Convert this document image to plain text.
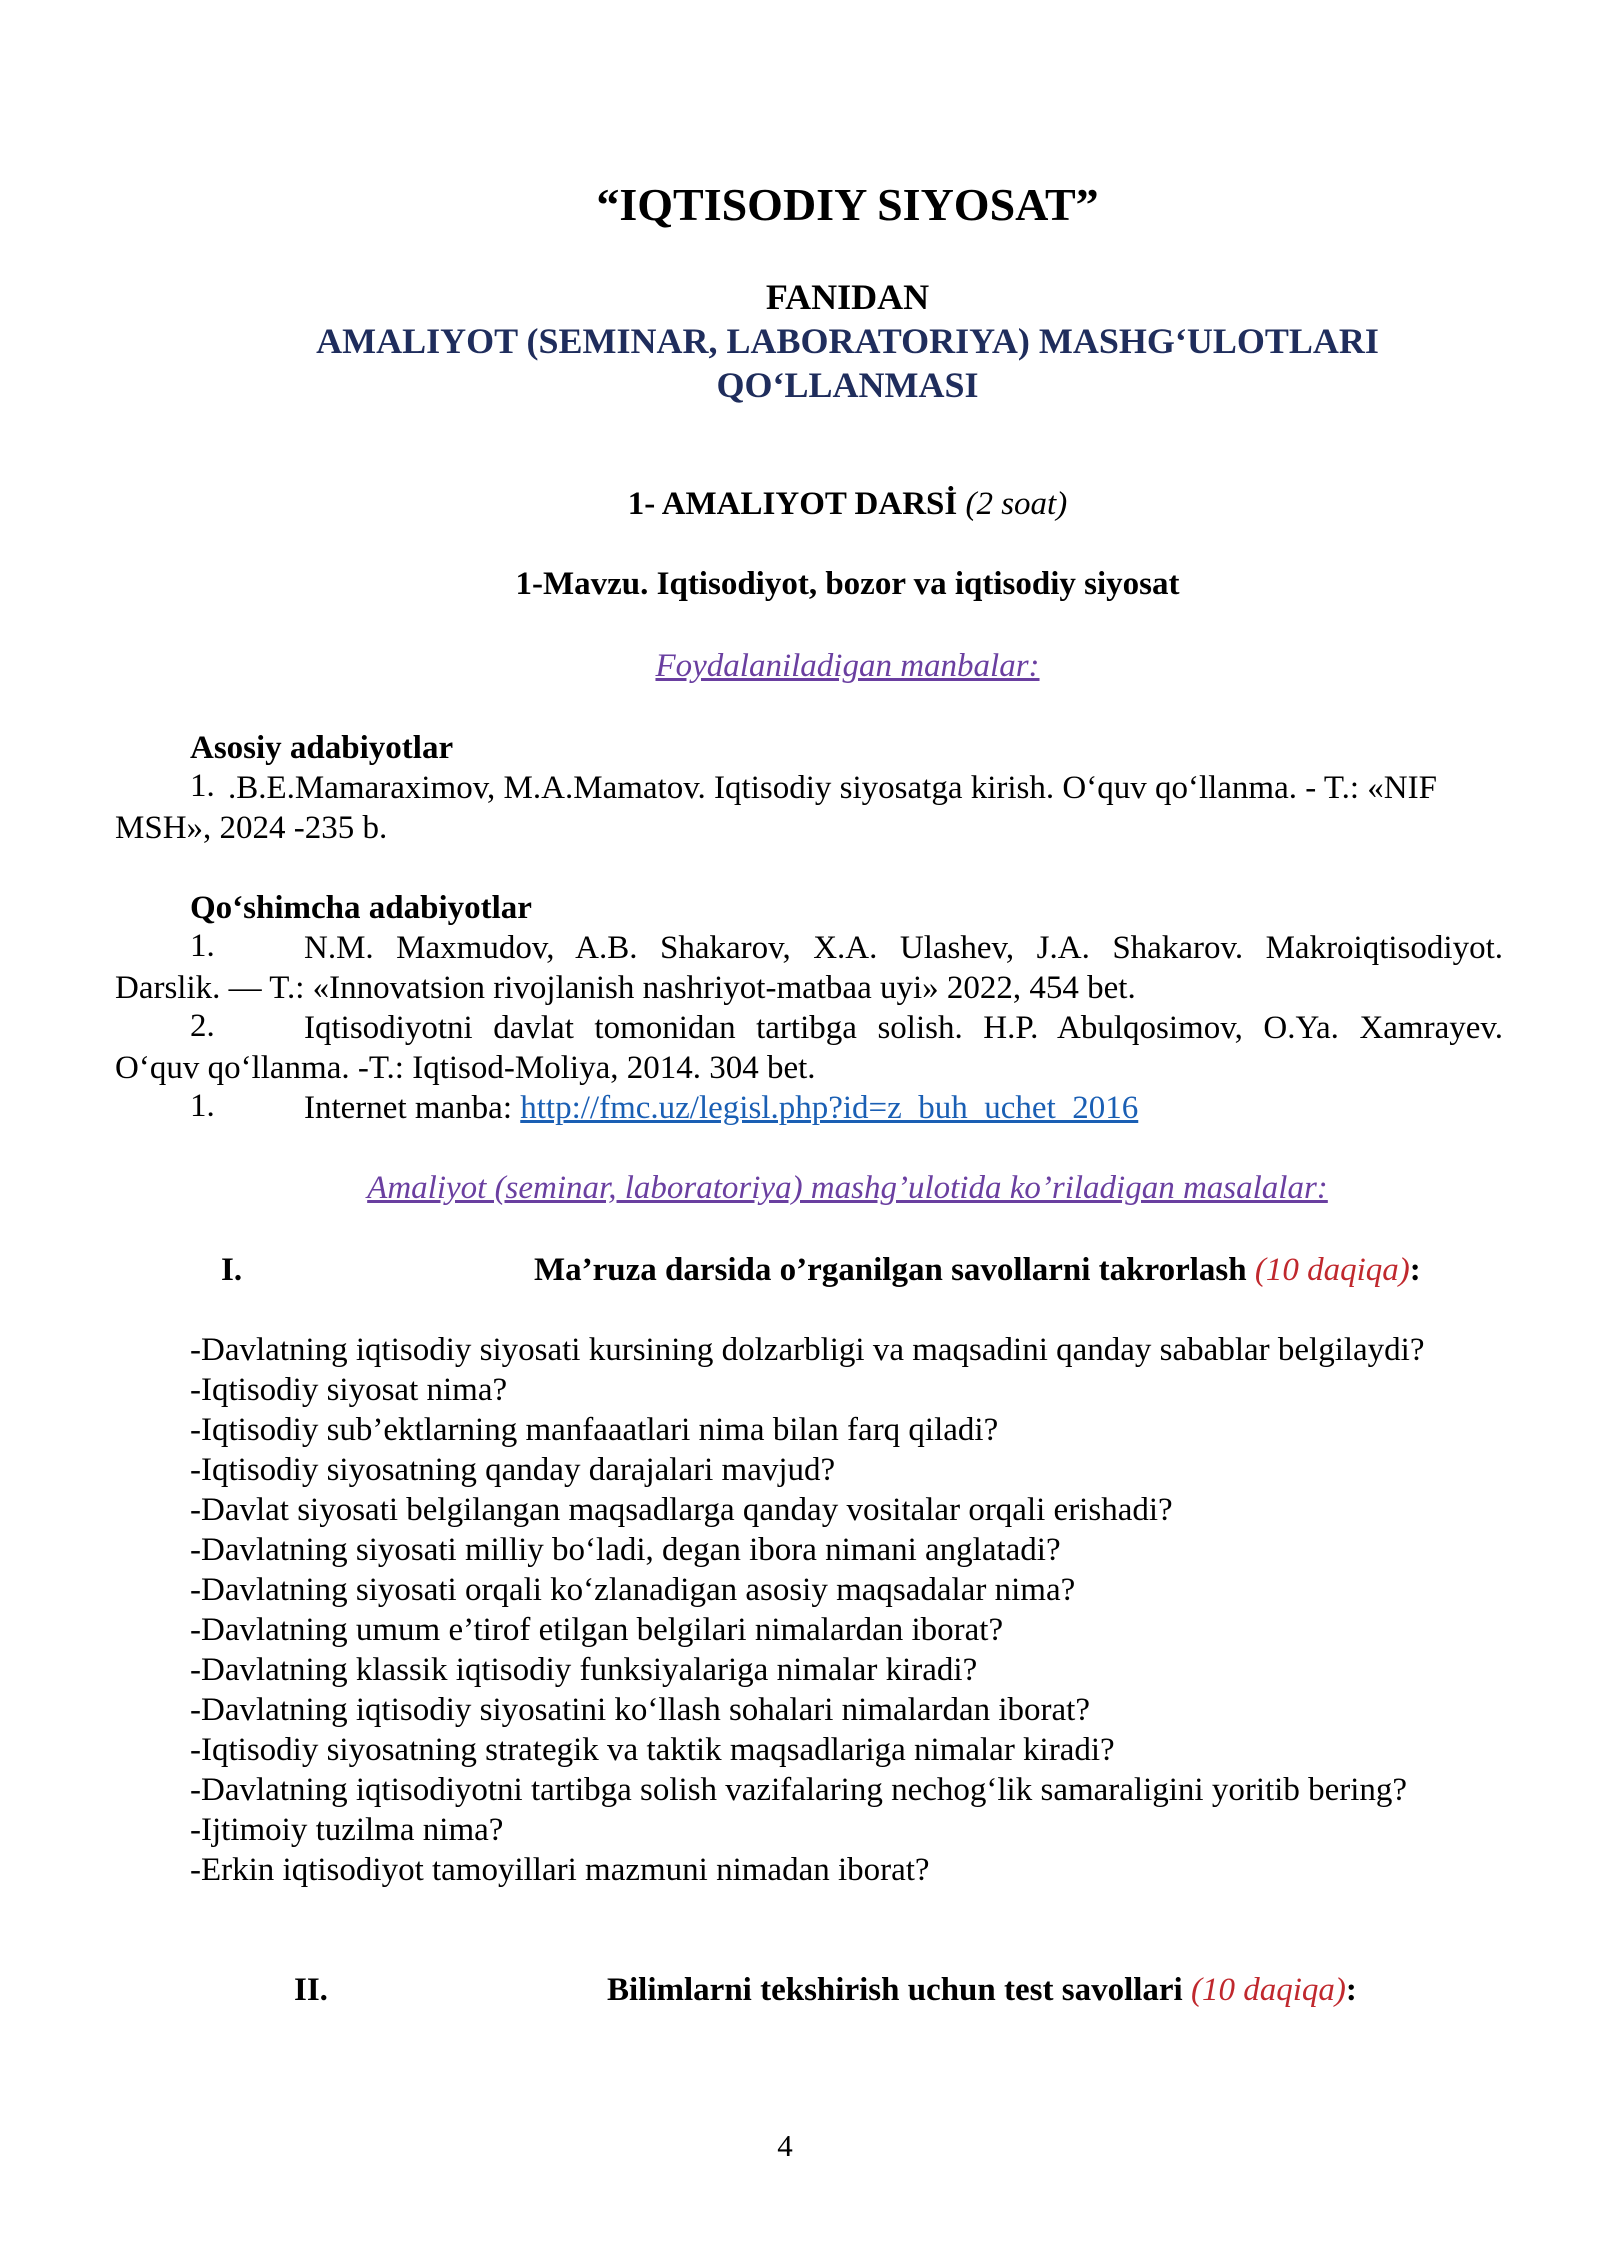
“IQTISODIY SIYOSAT”
FANIDAN
AMALIYOT (SEMINAR, LABORATORIYA) MASHG‘ULOTLARI
QO‘LLANMASI
1- AMALIYOT DARSİ (2 soat)
1-Mavzu. Iqtisodiyot, bozor va iqtisodiy siyosat
Foydalaniladigan manbalar:
Asosiy adabiyotlar
1. .B.E.Mamaraximov, M.A.Mamatov. Iqtisodiy siyosatga kirish. O‘quv qo‘llanma. - T.: «NIF
MSH», 2024 -235 b.
Qo‘shimcha adabiyotlar
1.	N.M. Maxmudov, A.B. Shakarov, X.A. Ulashev, J.A. Shakarov. Makroiqtisodiyot.
Darslik. — T.: «Innovatsion rivojlanish nashriyot-matbaa uyi» 2022, 454 bet.
2.	Iqtisodiyotni davlat tomonidan tartibga solish. H.P. Abulqosimov, O.Ya. Xamrayev.
O‘quv qo‘llanma. -T.: Iqtisod-Moliya, 2014. 304 bet.
1.	Internet manba: http://fmc.uz/legisl.php?id=z_buh_uchet_2016
Amaliyot (seminar, laboratoriya) mashg’ulotida ko’riladigan masalalar:
I.	Ma’ruza darsida o’rganilgan savollarni takrorlash (10 daqiqa):
-Davlatning iqtisodiy siyosati kursining dolzarbligi va maqsadini qanday sabablar belgilaydi?
-Iqtisodiy siyosat nima?
-Iqtisodiy sub’ektlarning manfaaatlari nima bilan farq qiladi?
-Iqtisodiy siyosatning qanday darajalari mavjud?
-Davlat siyosati belgilangan maqsadlarga qanday vositalar orqali erishadi?
-Davlatning siyosati milliy bo‘ladi, degan ibora nimani anglatadi?
-Davlatning siyosati orqali ko‘zlanadigan asosiy maqsadalar nima?
-Davlatning umum e’tirof etilgan belgilari nimalardan iborat?
-Davlatning klassik iqtisodiy funksiyalariga nimalar kiradi?
-Davlatning iqtisodiy siyosatini ko‘llash sohalari nimalardan iborat?
-Iqtisodiy siyosatning strategik va taktik maqsadlariga nimalar kiradi?
-Davlatning iqtisodiyotni tartibga solish vazifalaring nechog‘lik samaraligini yoritib bering?
-Ijtimoiy tuzilma nima?
-Erkin iqtisodiyot tamoyillari mazmuni nimadan iborat?
II.	Bilimlarni tekshirish uchun test savollari (10 daqiqa):
4
